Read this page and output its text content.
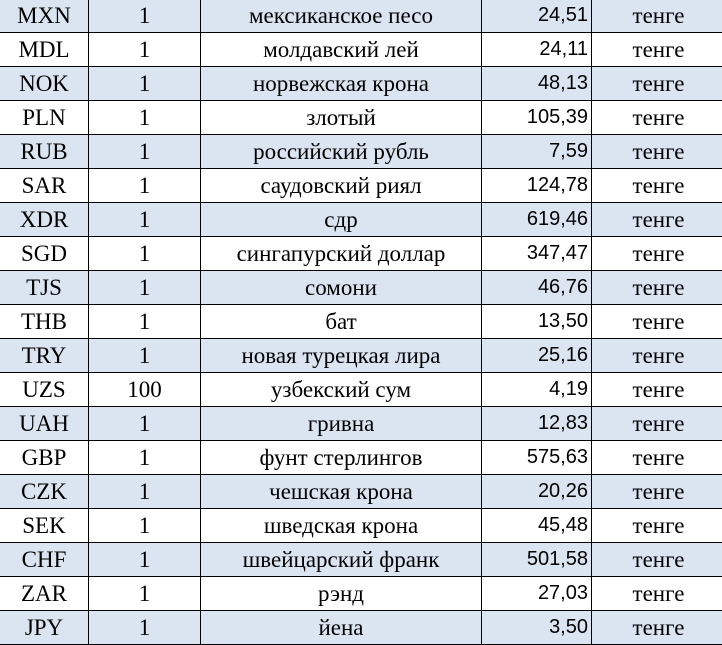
MXN	1	мексиканское песо	24,51	тенге
MDL	1	молдавский лей	24,11	тенге
NOK	1	норвежская крона	48,13	тенге
PLN	1	злотый	105,39	тенге
RUB	1	российский рубль	7,59	тенге
SAR	1	саудовский риял	124,78	тенге
XDR	1	сдр	619,46	тенге
SGD	1	сингапурский доллар	347,47	тенге
TJS	1	сомони	46,76	тенге
THB	1	бат	13,50	тенге
TRY	1	новая турецкая лира	25,16	тенге
UZS	100	узбекский сум	4,19	тенге
UAH	1	гривна	12,83	тенге
GBP	1	фунт стерлингов	575,63	тенге
CZK	1	чешская крона	20,26	тенге
SEK	1	шведская крона	45,48	тенге
CHF	1	швейцарский франк	501,58	тенге
ZAR	1	рэнд	27,03	тенге
JPY	1	йена	3,50	тенге
